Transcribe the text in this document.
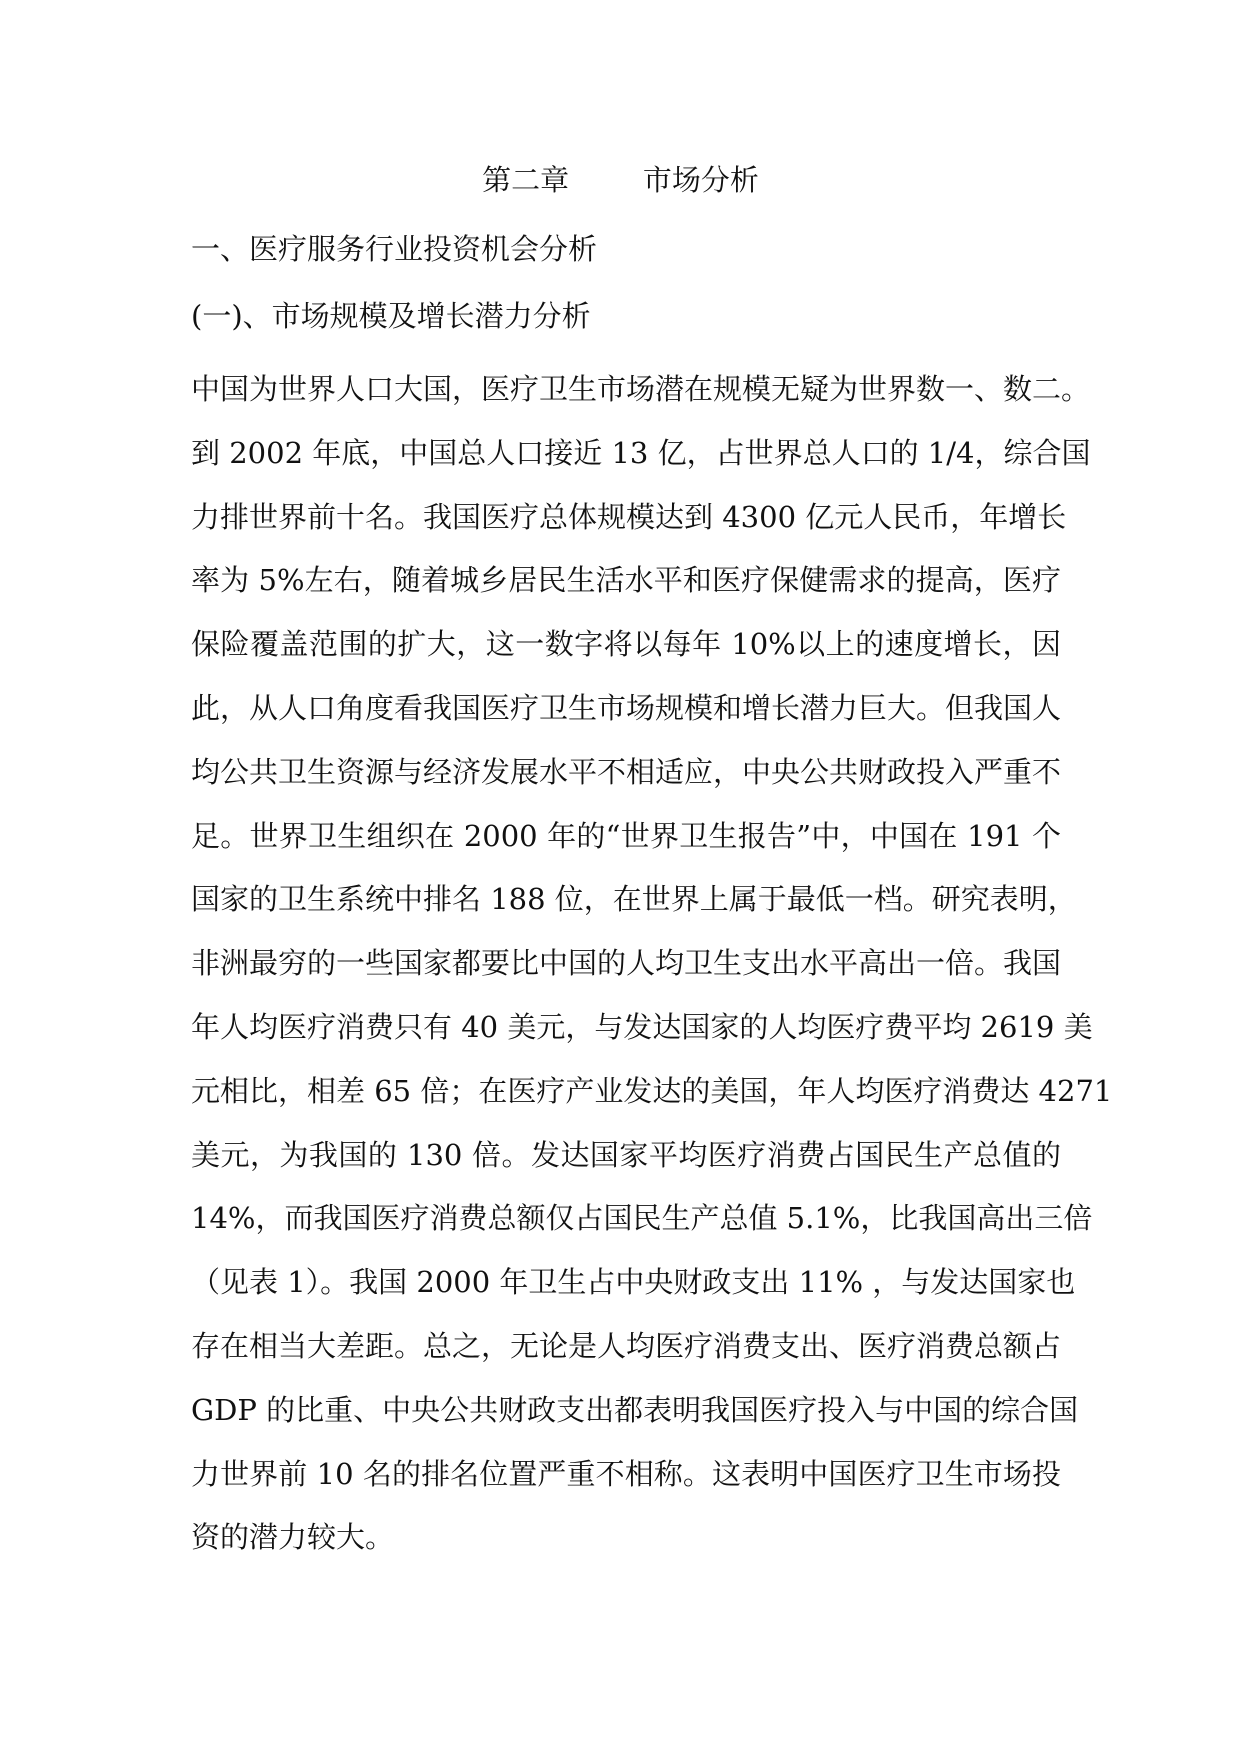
第二章        市场分析
一、医疗服务行业投资机会分析
(一)、市场规模及增长潜力分析
中国为世界人口大国，医疗卫生市场潜在规模无疑为世界数一、数二。
到 2002 年底，中国总人口接近 13 亿，占世界总人口的 1/4，综合国
力排世界前十名。我国医疗总体规模达到 4300 亿元人民币，年增长
率为 5%左右，随着城乡居民生活水平和医疗保健需求的提高，医疗
保险覆盖范围的扩大，这一数字将以每年 10%以上的速度增长，因
此，从人口角度看我国医疗卫生市场规模和增长潜力巨大。但我国人
均公共卫生资源与经济发展水平不相适应，中央公共财政投入严重不
足。世界卫生组织在 2000 年的“世界卫生报告”中，中国在 191 个
国家的卫生系统中排名 188 位，在世界上属于最低一档。研究表明，
非洲最穷的一些国家都要比中国的人均卫生支出水平高出一倍。我国
年人均医疗消费只有 40 美元，与发达国家的人均医疗费平均 2619 美
元相比，相差 65 倍；在医疗产业发达的美国，年人均医疗消费达 4271
美元，为我国的 130 倍。发达国家平均医疗消费占国民生产总值的
14%，而我国医疗消费总额仅占国民生产总值 5.1%，比我国高出三倍
（见表 1）。我国 2000 年卫生占中央财政支出 11% ，与发达国家也
存在相当大差距。总之，无论是人均医疗消费支出、医疗消费总额占
GDP 的比重、中央公共财政支出都表明我国医疗投入与中国的综合国
力世界前 10 名的排名位置严重不相称。这表明中国医疗卫生市场投
资的潜力较大。
